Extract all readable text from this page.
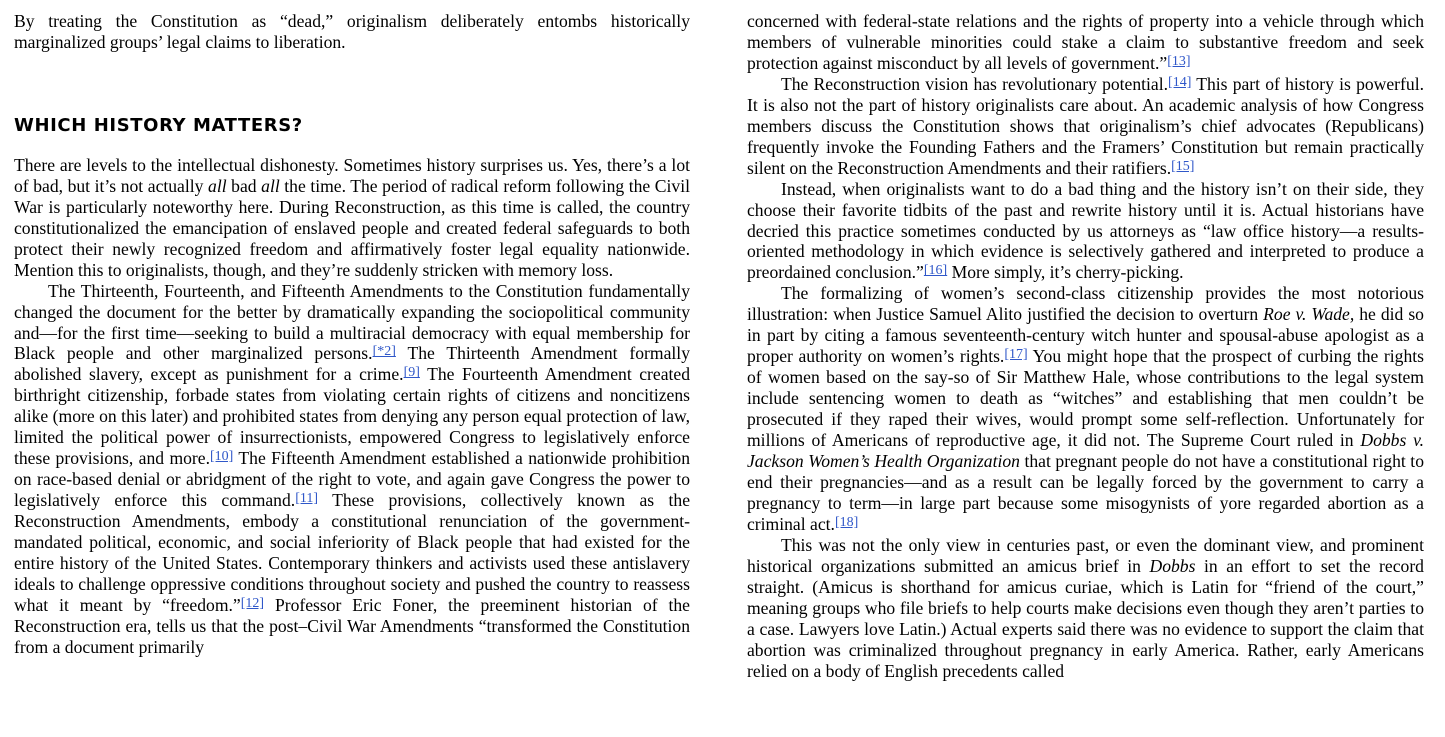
By treating the Constitution as “dead,” originalism deliberately entombs historically marginalized groups’ legal claims to liberation.

WHICH HISTORY MATTERS?

There are levels to the intellectual dishonesty. Sometimes history surprises us. Yes, there’s a lot of bad, but it’s not actually all bad all the time. The period of radical reform following the Civil War is particularly noteworthy here. During Reconstruction, as this time is called, the country constitutionalized the emancipation of enslaved people and created federal safeguards to both protect their newly recognized freedom and affirmatively foster legal equality nationwide. Mention this to originalists, though, and they’re suddenly stricken with memory loss.

The Thirteenth, Fourteenth, and Fifteenth Amendments to the Constitution fundamentally changed the document for the better by dramatically expanding the sociopolitical community and—for the first time—seeking to build a multiracial democracy with equal membership for Black people and other marginalized persons.[*2] The Thirteenth Amendment formally abolished slavery, except as punishment for a crime.[9] The Fourteenth Amendment created birthright citizenship, forbade states from violating certain rights of citizens and noncitizens alike (more on this later) and prohibited states from denying any person equal protection of law, limited the political power of insurrectionists, empowered Congress to legislatively enforce these provisions, and more.[10] The Fifteenth Amendment established a nationwide prohibition on race-based denial or abridgment of the right to vote, and again gave Congress the power to legislatively enforce this command.[11] These provisions, collectively known as the Reconstruction Amendments, embody a constitutional renunciation of the government-mandated political, economic, and social inferiority of Black people that had existed for the entire history of the United States. Contemporary thinkers and activists used these antislavery ideals to challenge oppressive conditions throughout society and pushed the country to reassess what it meant by “freedom.”[12] Professor Eric Foner, the preeminent historian of the Reconstruction era, tells us that the post–Civil War Amendments “transformed the Constitution from a document primarily

concerned with federal-state relations and the rights of property into a vehicle through which members of vulnerable minorities could stake a claim to substantive freedom and seek protection against misconduct by all levels of government.”[13]

The Reconstruction vision has revolutionary potential.[14] This part of history is powerful. It is also not the part of history originalists care about. An academic analysis of how Congress members discuss the Constitution shows that originalism’s chief advocates (Republicans) frequently invoke the Founding Fathers and the Framers’ Constitution but remain practically silent on the Reconstruction Amendments and their ratifiers.[15]

Instead, when originalists want to do a bad thing and the history isn’t on their side, they choose their favorite tidbits of the past and rewrite history until it is. Actual historians have decried this practice sometimes conducted by us attorneys as “law office history—a results-oriented methodology in which evidence is selectively gathered and interpreted to produce a preordained conclusion.”[16] More simply, it’s cherry-picking.

The formalizing of women’s second-class citizenship provides the most notorious illustration: when Justice Samuel Alito justified the decision to overturn Roe v. Wade, he did so in part by citing a famous seventeenth-century witch hunter and spousal-abuse apologist as a proper authority on women’s rights.[17] You might hope that the prospect of curbing the rights of women based on the say-so of Sir Matthew Hale, whose contributions to the legal system include sentencing women to death as “witches” and establishing that men couldn’t be prosecuted if they raped their wives, would prompt some self-reflection. Unfortunately for millions of Americans of reproductive age, it did not. The Supreme Court ruled in Dobbs v. Jackson Women’s Health Organization that pregnant people do not have a constitutional right to end their pregnancies—and as a result can be legally forced by the government to carry a pregnancy to term—in large part because some misogynists of yore regarded abortion as a criminal act.[18]

This was not the only view in centuries past, or even the dominant view, and prominent historical organizations submitted an amicus brief in Dobbs in an effort to set the record straight. (Amicus is shorthand for amicus curiae, which is Latin for “friend of the court,” meaning groups who file briefs to help courts make decisions even though they aren’t parties to a case. Lawyers love Latin.) Actual experts said there was no evidence to support the claim that abortion was criminalized throughout pregnancy in early America. Rather, early Americans relied on a body of English precedents called
